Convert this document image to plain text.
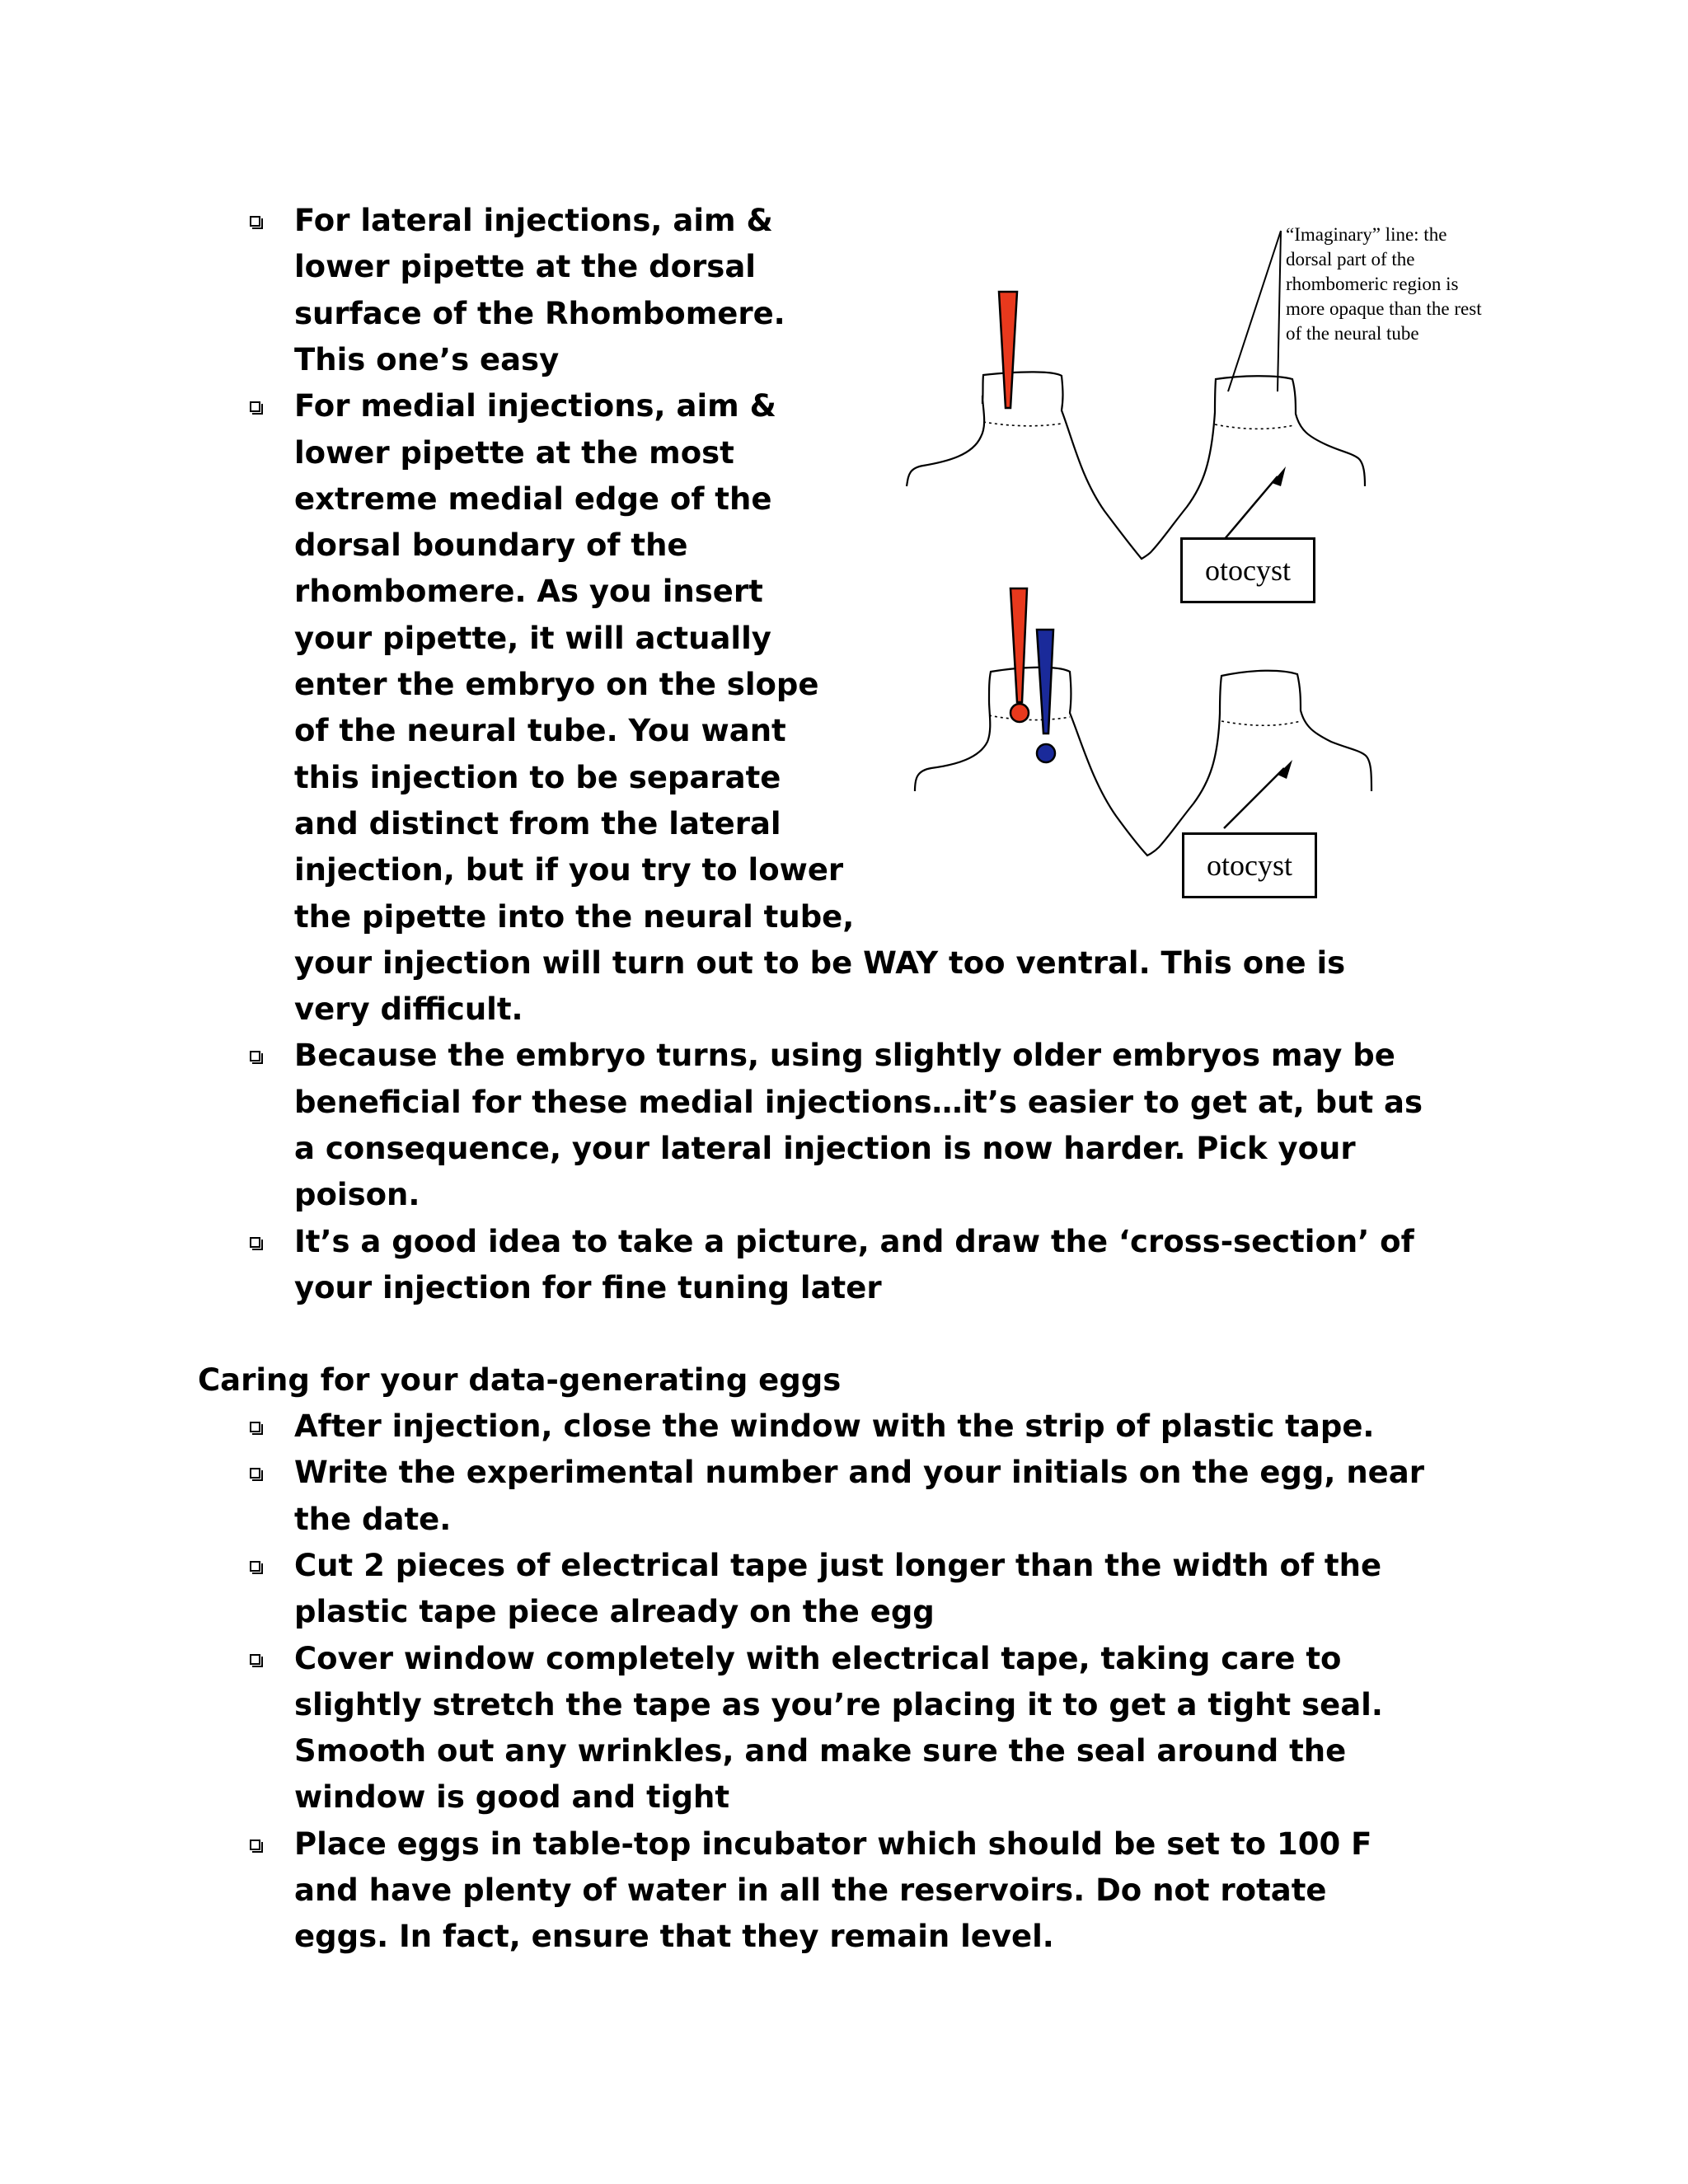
For lateral injections, aim &
lower pipette at the dorsal
surface of the Rhombomere.
This one’s easy
For medial injections, aim &
lower pipette at the most
extreme medial edge of the
dorsal boundary of the
rhombomere. As you insert
your pipette, it will actually
enter the embryo on the slope
of the neural tube. You want
this injection to be separate
and distinct from the lateral
injection, but if you try to lower
the pipette into the neural tube,
your injection will turn out to be WAY too ventral. This one is
very difficult.
Because the embryo turns, using slightly older embryos may be
beneficial for these medial injections…it’s easier to get at, but as
a consequence, your lateral injection is now harder. Pick your
poison.
It’s a good idea to take a picture, and draw the ‘cross-section’ of
your injection for fine tuning later
After injection, close the window with the strip of plastic tape.
Write the experimental number and your initials on the egg, near
the date.
Cut 2 pieces of electrical tape just longer than the width of the
plastic tape piece already on the egg
Cover window completely with electrical tape, taking care to
slightly stretch the tape as you’re placing it to get a tight seal.
Smooth out any wrinkles, and make sure the seal around the
window is good and tight
Place eggs in table-top incubator which should be set to 100 F
and have plenty of water in all the reservoirs. Do not rotate
eggs. In fact, ensure that they remain level.
Caring for your data-generating eggs
“Imaginary” line: the dorsal part of the rhombomeric region is more opaque than the rest of the neural tube
otocyst
otocyst
